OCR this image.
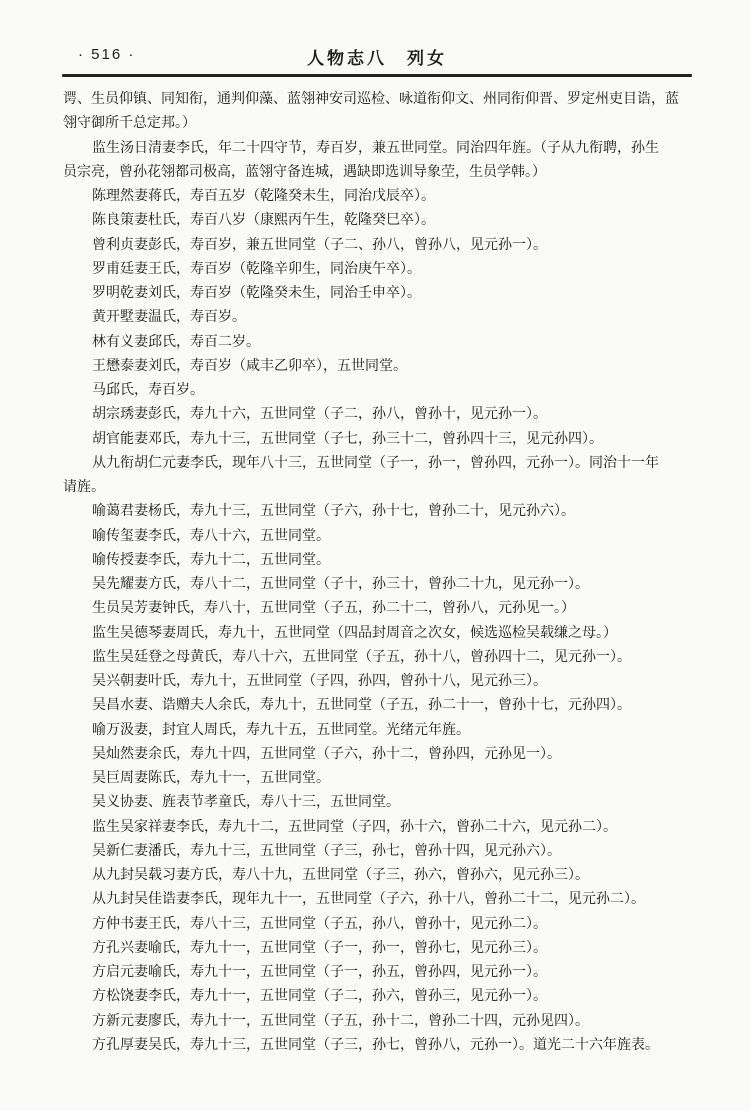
· 516 ·	人物志八　列女
谔、生员仰镇、同知衔，通判仰藻、蓝翎神安司巡检、咏道衔仰文、州同衔仰晋、罗定州吏目诰，蓝
翎守御所千总定邦。）
监生汤日清妻李氏，年二十四守节，寿百岁，兼五世同堂。同治四年旌。（子从九衔聘，孙生
员宗亮，曾孙花翎都司极高，蓝翎守备连城，遇缺即选训导象茔，生员学韩。）
陈理然妻蒋氏，寿百五岁（乾隆癸未生，同治戊辰卒）。
陈良策妻杜氏，寿百八岁（康熙丙午生，乾隆癸巳卒）。
曾利贞妻彭氏，寿百岁，兼五世同堂（子二、孙八，曾孙八，见元孙一）。
罗甫廷妻王氏，寿百岁（乾隆辛卯生，同治庚午卒）。
罗明乾妻刘氏，寿百岁（乾隆癸未生，同治壬申卒）。
黄开墅妻温氏，寿百岁。
林有义妻邱氏，寿百二岁。
王懋泰妻刘氏，寿百岁（咸丰乙卯卒），五世同堂。
马邱氏，寿百岁。
胡宗琇妻彭氏，寿九十六，五世同堂（子二，孙八，曾孙十，见元孙一）。
胡官能妻邓氏，寿九十三，五世同堂（子七，孙三十二，曾孙四十三，见元孙四）。
从九衔胡仁元妻李氏，现年八十三，五世同堂（子一，孙一，曾孙四，元孙一）。同治十一年
请旌。
喻蔼君妻杨氏，寿九十三，五世同堂（子六，孙十七，曾孙二十，见元孙六）。
喻传玺妻李氏，寿八十六，五世同堂。
喻传授妻李氏，寿九十二，五世同堂。
吴先耀妻方氏，寿八十二，五世同堂（子十，孙三十，曾孙二十九，见元孙一）。
生员吴芳妻钟氏，寿八十，五世同堂（子五，孙二十二，曾孙八，元孙见一。）
监生吴德琴妻周氏，寿九十，五世同堂（四品封周音之次女，候选巡检吴载缣之母。）
监生吴廷登之母黄氏，寿八十六，五世同堂（子五，孙十八，曾孙四十二，见元孙一）。
吴兴朝妻叶氏，寿九十，五世同堂（子四，孙四，曾孙十八，见元孙三）。
吴昌水妻、诰赠夫人余氏，寿九十，五世同堂（子五，孙二十一，曾孙十七，元孙四）。
喻万汲妻，封宜人周氏，寿九十五，五世同堂。光绪元年旌。
吴灿然妻余氏，寿九十四，五世同堂（子六，孙十二，曾孙四，元孙见一）。
吴巨周妻陈氏，寿九十一，五世同堂。
吴义协妻、旌表节孝童氏，寿八十三，五世同堂。
监生吴家祥妻李氏，寿九十二，五世同堂（子四，孙十六，曾孙二十六，见元孙二）。
吴新仁妻潘氏，寿九十三，五世同堂（子三，孙七，曾孙十四，见元孙六）。
从九封吴载习妻方氏，寿八十九，五世同堂（子三，孙六，曾孙六，见元孙三）。
从九封吴佳诰妻李氏，现年九十一，五世同堂（子六，孙十八，曾孙二十二，见元孙二）。
方仲书妻王氏，寿八十三，五世同堂（子五，孙八，曾孙十，见元孙二）。
方孔兴妻喻氏，寿九十一，五世同堂（子一，孙一，曾孙七，见元孙三）。
方启元妻喻氏，寿九十一，五世同堂（子一，孙五，曾孙四，见元孙一）。
方松饶妻李氏，寿九十一，五世同堂（子二，孙六，曾孙三，见元孙一）。
方新元妻廖氏，寿九十一，五世同堂（子五，孙十二，曾孙二十四，元孙见四）。
方孔厚妻吴氏，寿九十三，五世同堂（子三，孙七，曾孙八，元孙一）。道光二十六年旌表。
